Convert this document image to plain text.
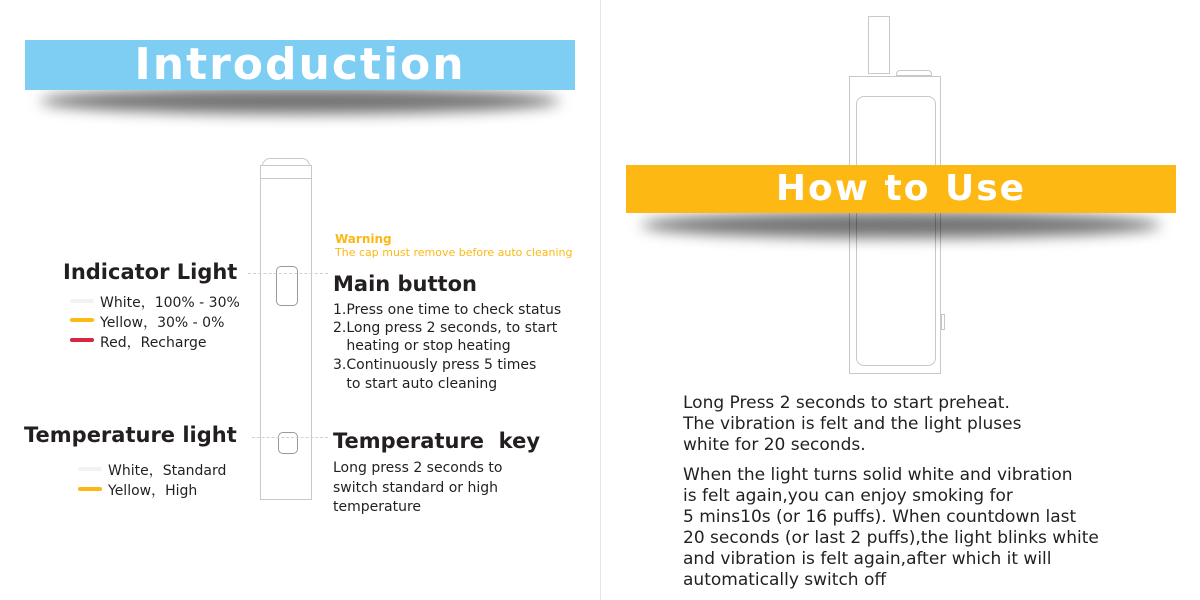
Introduction
Warning
The cap must remove before auto cleaning
Indicator Light
White，100% - 30%
Yellow，30% - 0%
Red，Recharge
Temperature light
White，Standard
Yellow，High
Main button
1.Press one time to check status
2.Long press 2 seconds, to start
heating or stop heating
3.Continuously press 5 times
to start auto cleaning
Temperature  key
Long press 2 seconds to
switch standard or high
temperature
How to Use
Long Press 2 seconds to start preheat.
The vibration is felt and the light pluses
white for 20 seconds.
When the light turns solid white and vibration
is felt again,you can enjoy smoking for
5 mins10s (or 16 puffs). When countdown last
20 seconds (or last 2 puffs),the light blinks white
and vibration is felt again,after which it will
automatically switch off
